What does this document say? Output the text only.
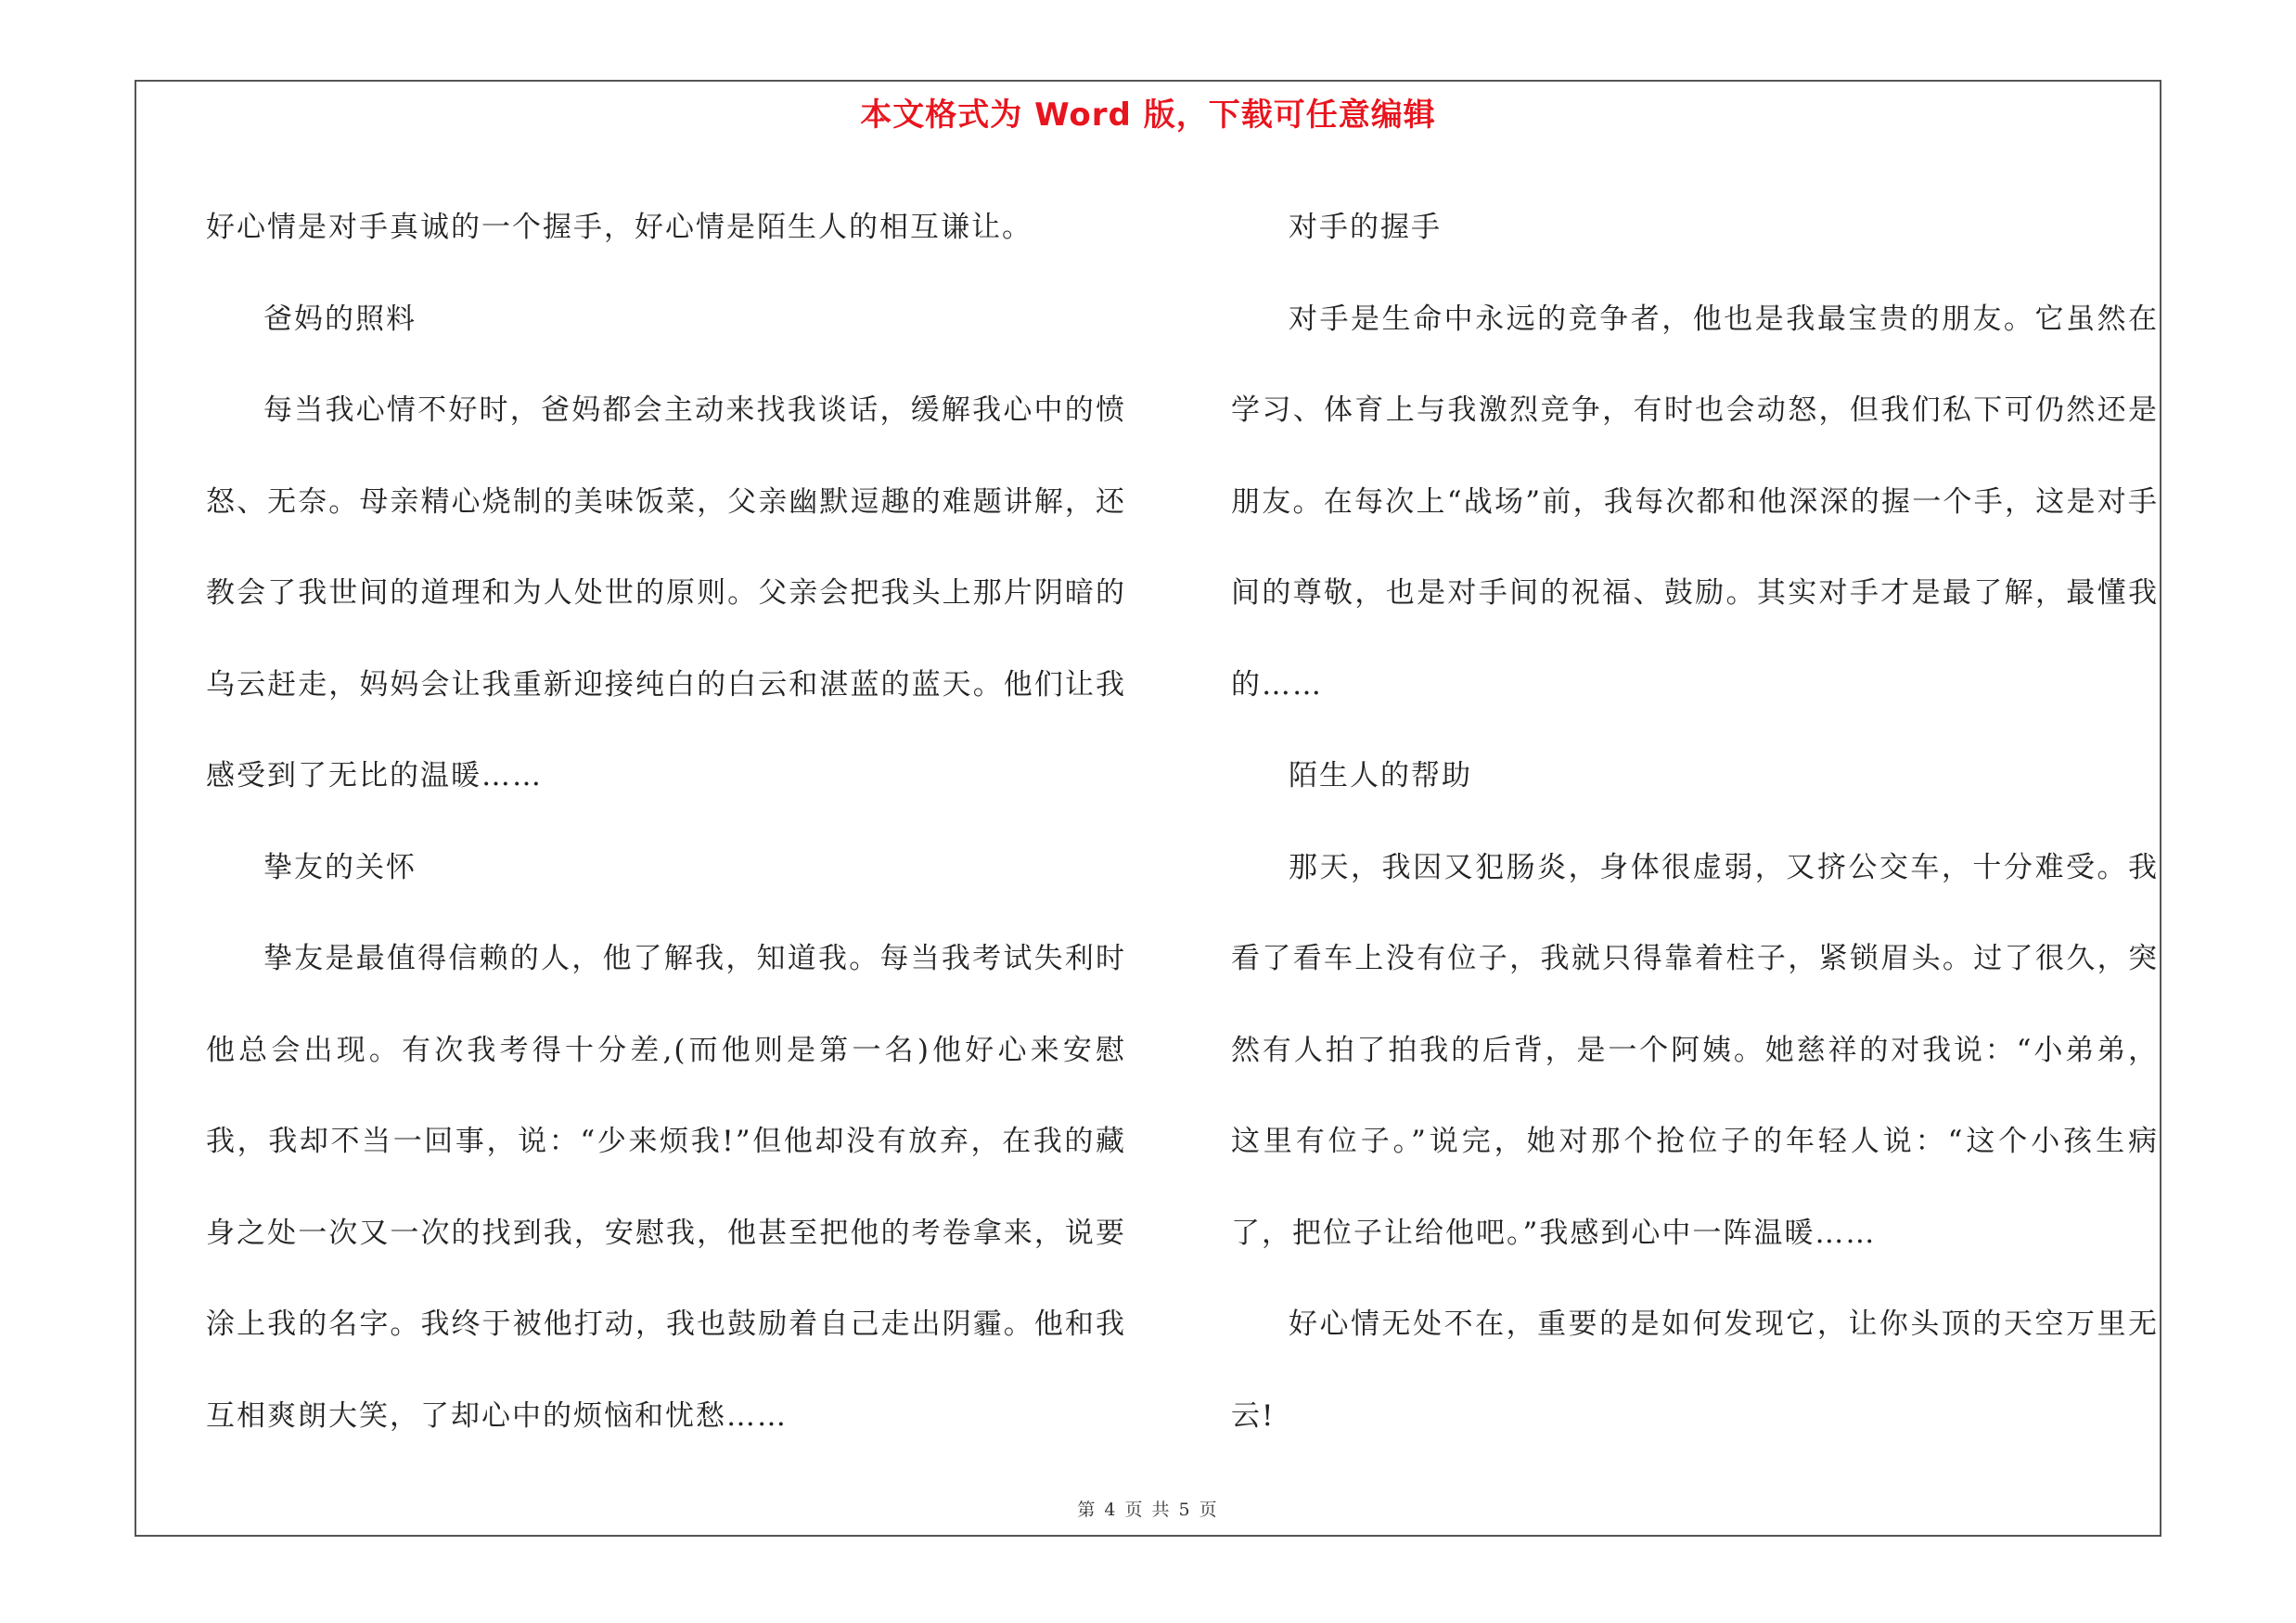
本文格式为 Word 版，下载可任意编辑

好心情是对手真诚的一个握手，好心情是陌生人的相互谦让。

爸妈的照料

每当我心情不好时，爸妈都会主动来找我谈话，缓解我心中的愤怒、无奈。母亲精心烧制的美味饭菜，父亲幽默逗趣的难题讲解，还教会了我世间的道理和为人处世的原则。父亲会把我头上那片阴暗的乌云赶走，妈妈会让我重新迎接纯白的白云和湛蓝的蓝天。他们让我感受到了无比的温暖……

挚友的关怀

挚友是最值得信赖的人，他了解我，知道我。每当我考试失利时他总会出现。有次我考得十分差,(而他则是第一名)他好心来安慰我，我却不当一回事，说：“少来烦我!”但他却没有放弃，在我的藏身之处一次又一次的找到我，安慰我，他甚至把他的考卷拿来，说要涂上我的名字。我终于被他打动，我也鼓励着自己走出阴霾。他和我互相爽朗大笑，了却心中的烦恼和忧愁……

对手的握手

对手是生命中永远的竞争者，他也是我最宝贵的朋友。它虽然在学习、体育上与我激烈竞争，有时也会动怒，但我们私下可仍然还是朋友。在每次上“战场”前，我每次都和他深深的握一个手，这是对手间的尊敬，也是对手间的祝福、鼓励。其实对手才是最了解，最懂我的……

陌生人的帮助

那天，我因又犯肠炎，身体很虚弱，又挤公交车，十分难受。我看了看车上没有位子，我就只得靠着柱子，紧锁眉头。过了很久，突然有人拍了拍我的后背，是一个阿姨。她慈祥的对我说：“小弟弟，这里有位子。”说完，她对那个抢位子的年轻人说：“这个小孩生病了，把位子让给他吧。”我感到心中一阵温暖……

好心情无处不在，重要的是如何发现它，让你头顶的天空万里无云!

第 4 页 共 5 页
